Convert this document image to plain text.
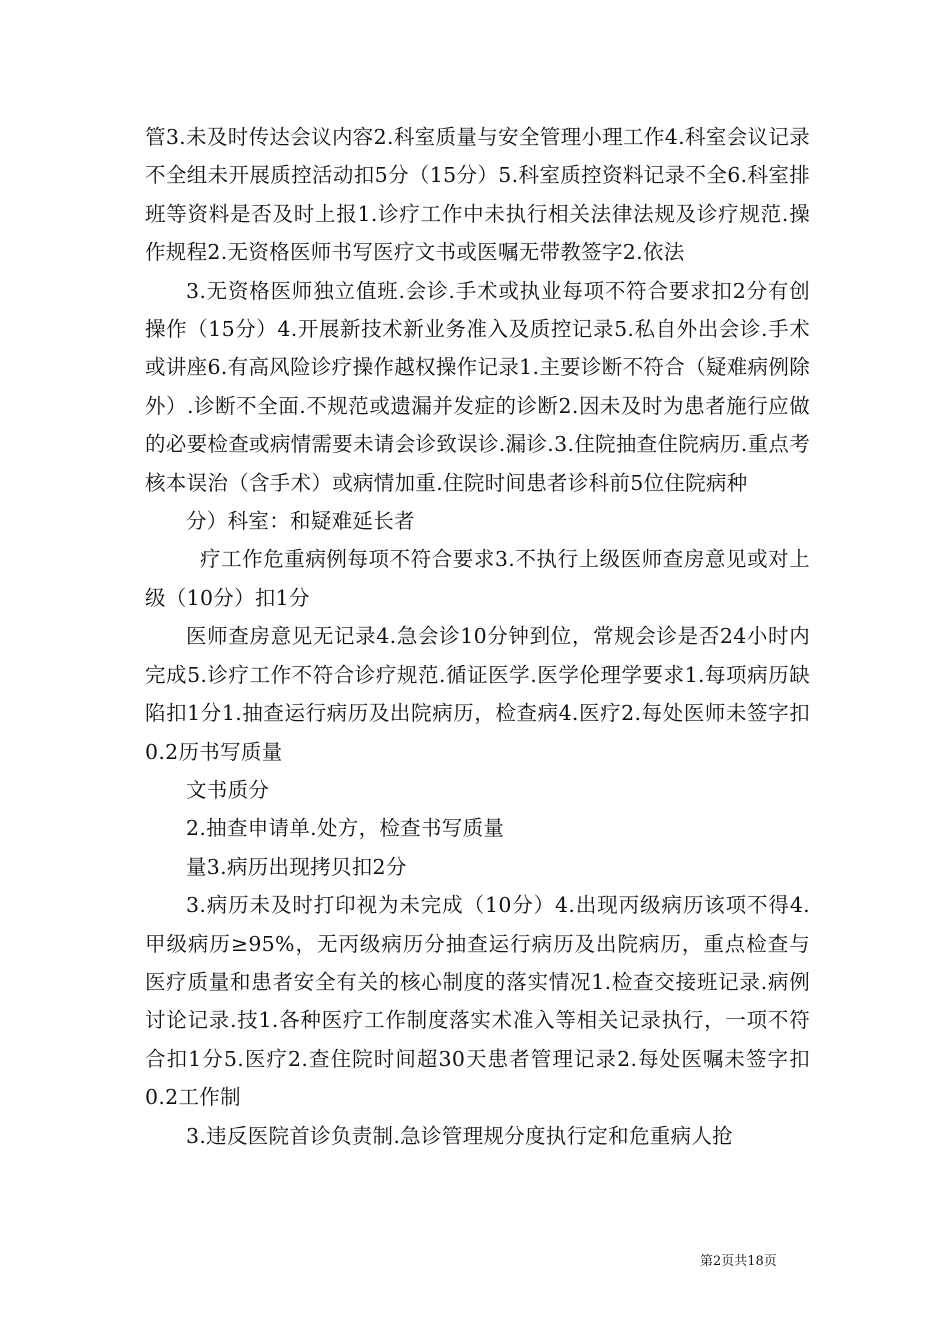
管3.未及时传达会议内容2.科室质量与安全管理小理工作4.科室会议记录不全组未开展质控活动扣5分（15分）5.科室质控资料记录不全6.科室排班等资料是否及时上报1.诊疗工作中未执行相关法律法规及诊疗规范.操作规程2.无资格医师书写医疗文书或医嘱无带教签字2.依法

3.无资格医师独立值班.会诊.手术或执业每项不符合要求扣2分有创操作（15分）4.开展新技术新业务准入及质控记录5.私自外出会诊.手术或讲座6.有高风险诊疗操作越权操作记录1.主要诊断不符合（疑难病例除外）.诊断不全面.不规范或遗漏并发症的诊断2.因未及时为患者施行应做的必要检查或病情需要未请会诊致误诊.漏诊.3.住院抽查住院病历.重点考核本误治（含手术）或病情加重.住院时间患者诊科前5位住院病种

分）科室：和疑难延长者

疗工作危重病例每项不符合要求3.不执行上级医师查房意见或对上级（10分）扣1分

医师查房意见无记录4.急会诊10分钟到位，常规会诊是否24小时内完成5.诊疗工作不符合诊疗规范.循证医学.医学伦理学要求1.每项病历缺陷扣1分1.抽查运行病历及出院病历，检查病4.医疗2.每处医师未签字扣0.2历书写质量

文书质分

2.抽查申请单.处方，检查书写质量

量3.病历出现拷贝扣2分

3.病历未及时打印视为未完成（10分）4.出现丙级病历该项不得4.甲级病历≥95%，无丙级病历分抽查运行病历及出院病历，重点检查与医疗质量和患者安全有关的核心制度的落实情况1.检查交接班记录.病例讨论记录.技1.各种医疗工作制度落实术准入等相关记录执行，一项不符合扣1分5.医疗2.查住院时间超30天患者管理记录2.每处医嘱未签字扣0.2工作制

3.违反医院首诊负责制.急诊管理规分度执行定和危重病人抢

第2页共18页
